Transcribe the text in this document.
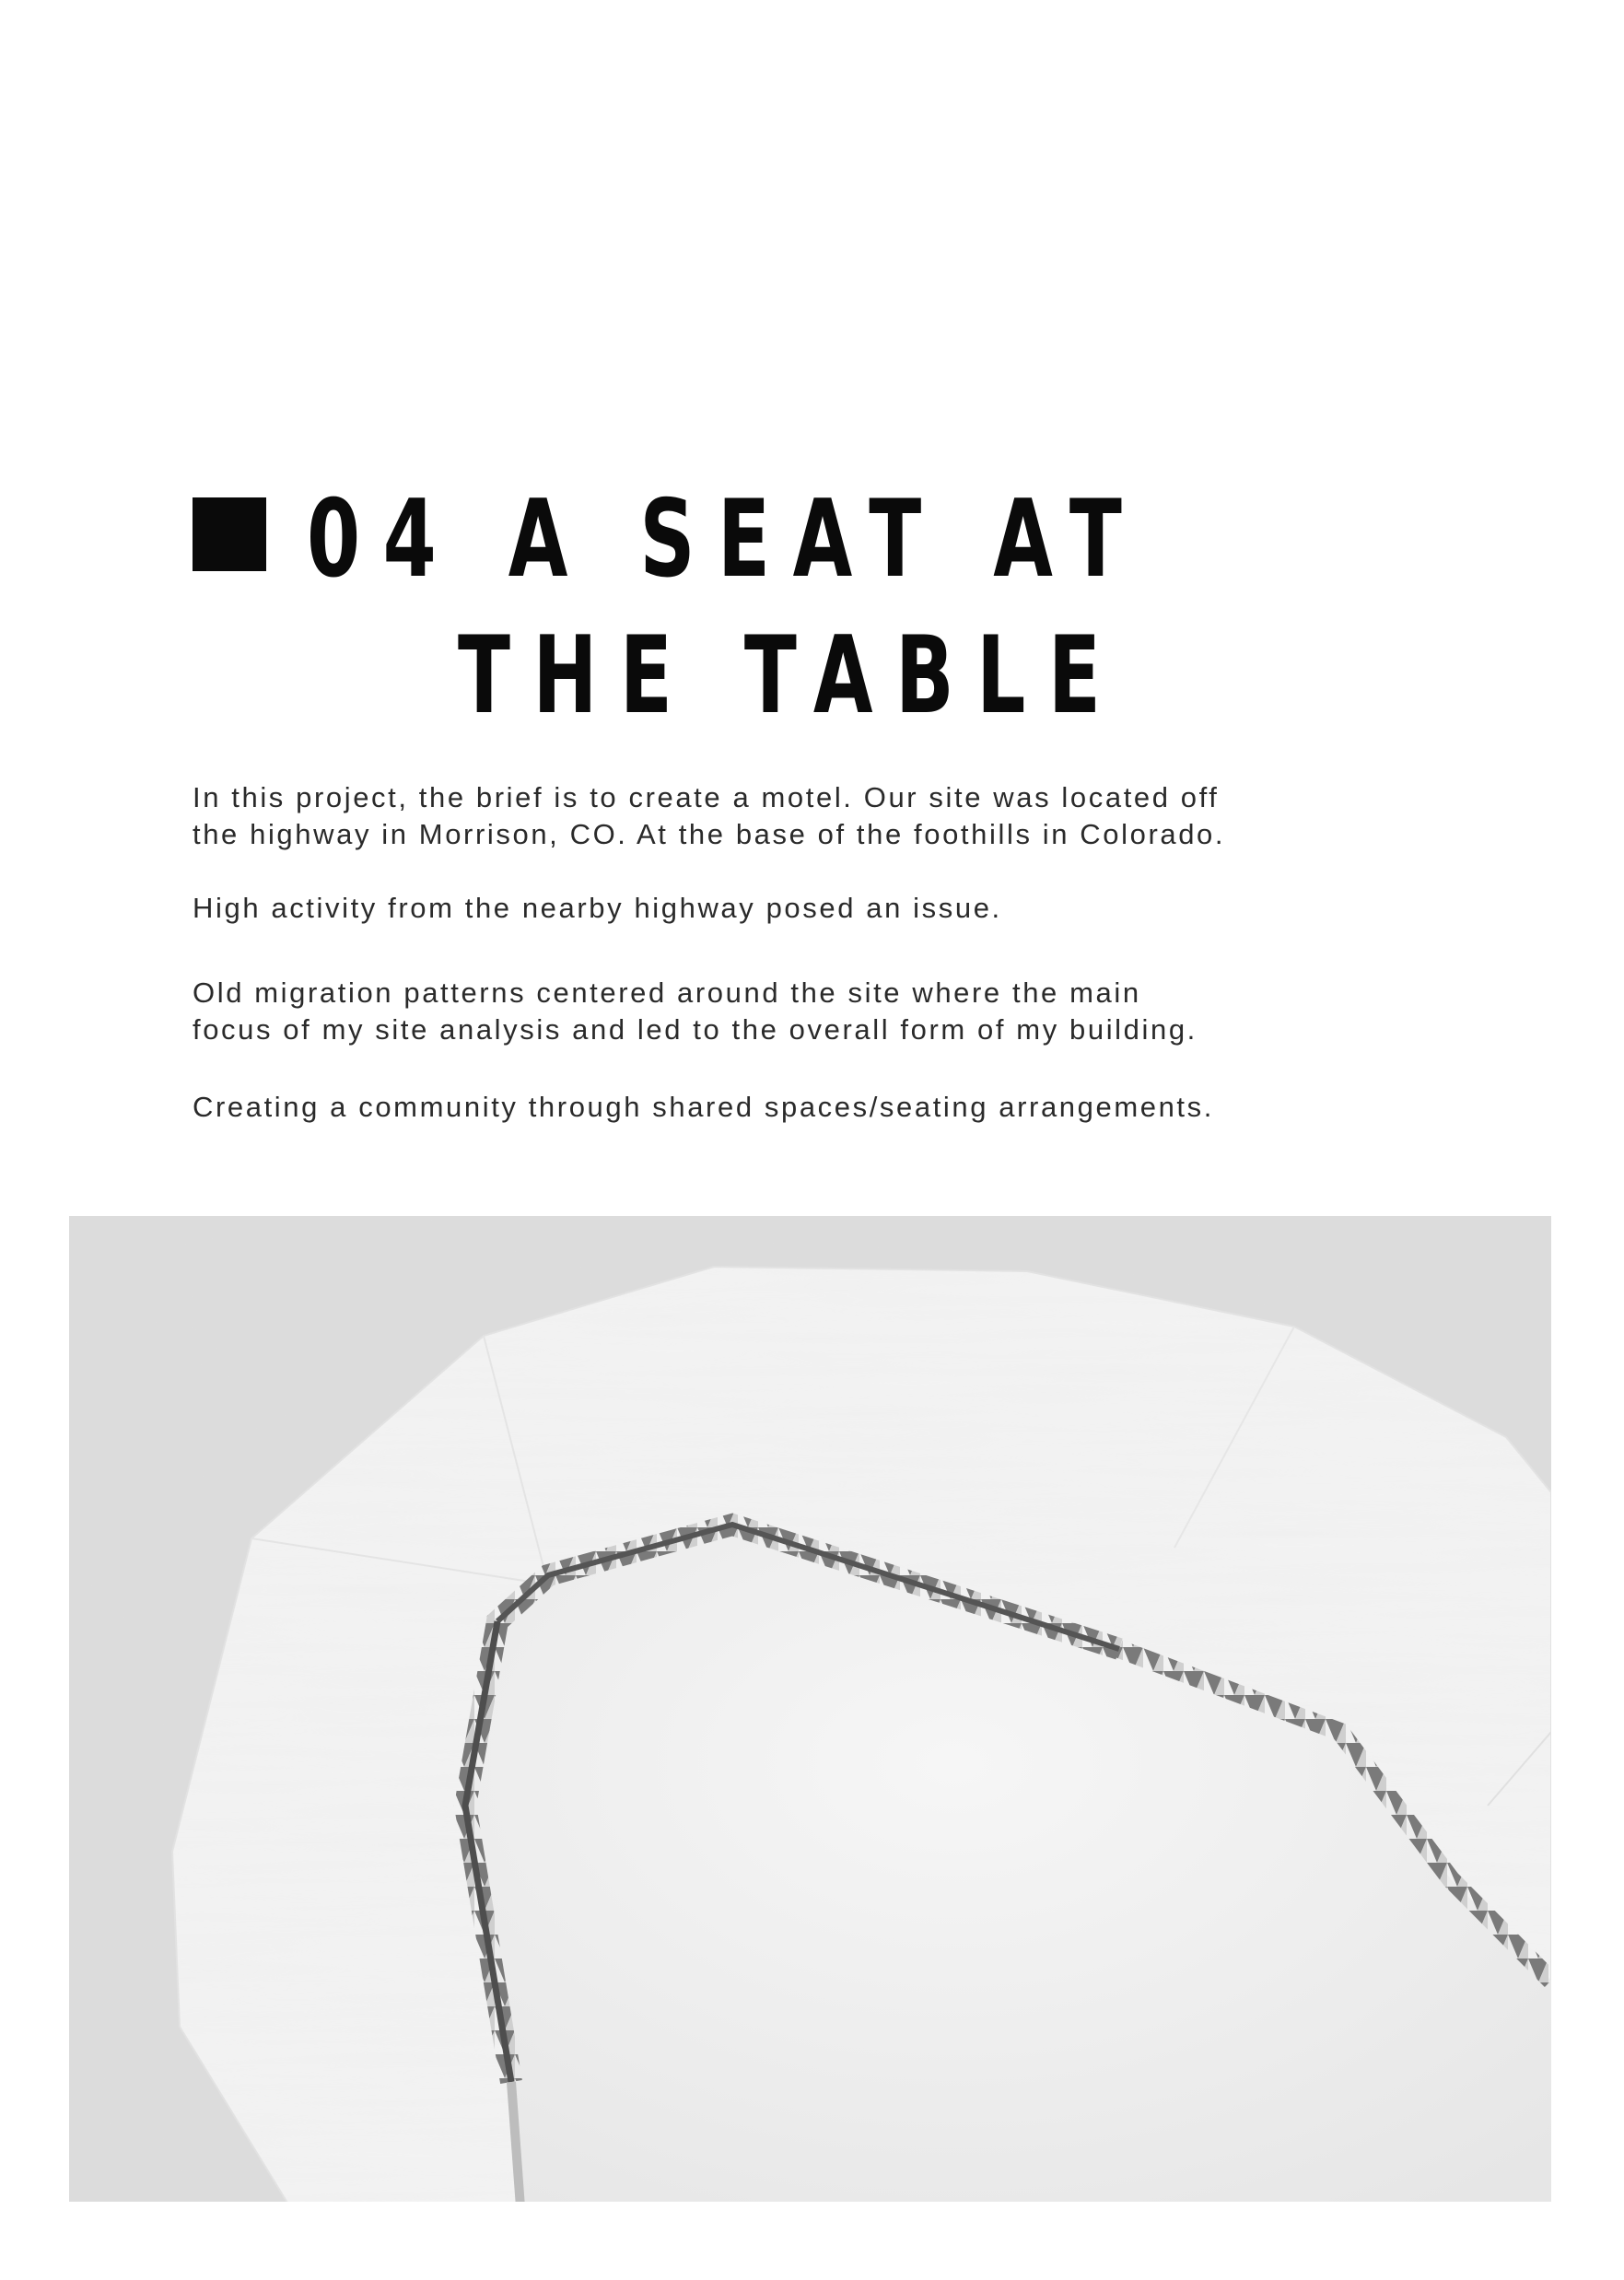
04 A SEAT AT
THE TABLE

In this project, the brief is to create a motel. Our site was located off
the highway in Morrison, CO. At the base of the foothills in Colorado.

High activity from the nearby highway posed an issue.

Old migration patterns centered around the site where the main
focus of my site analysis and led to the overall form of my building.

Creating a community through shared spaces/seating arrangements.
